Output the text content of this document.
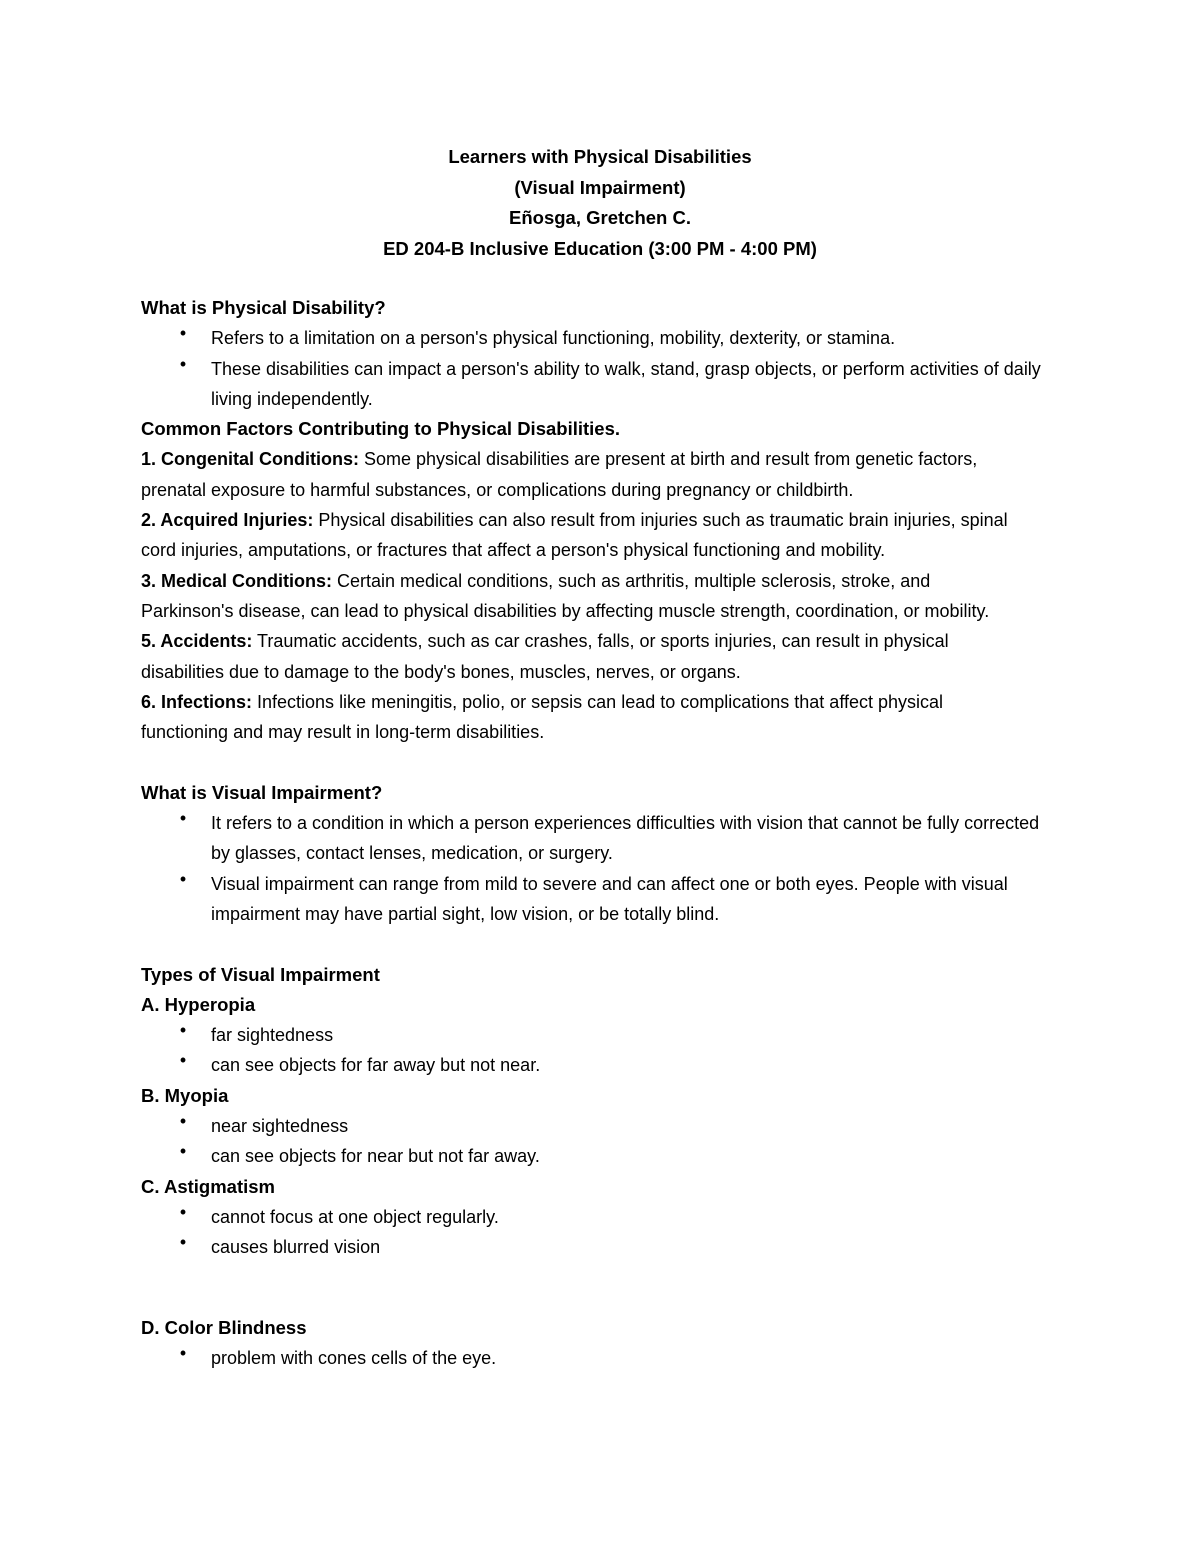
Learners with Physical Disabilities
(Visual Impairment)
Eñosga, Gretchen C.
ED 204-B Inclusive Education (3:00 PM - 4:00 PM)
What is Physical Disability?
• Refers to a limitation on a person's physical functioning, mobility, dexterity, or stamina.
• These disabilities can impact a person's ability to walk, stand, grasp objects, or perform activities of daily living independently.
Common Factors Contributing to Physical Disabilities.
1. Congenital Conditions: Some physical disabilities are present at birth and result from genetic factors, prenatal exposure to harmful substances, or complications during pregnancy or childbirth.
2. Acquired Injuries: Physical disabilities can also result from injuries such as traumatic brain injuries, spinal cord injuries, amputations, or fractures that affect a person's physical functioning and mobility.
3. Medical Conditions: Certain medical conditions, such as arthritis, multiple sclerosis, stroke, and Parkinson's disease, can lead to physical disabilities by affecting muscle strength, coordination, or mobility.
5. Accidents: Traumatic accidents, such as car crashes, falls, or sports injuries, can result in physical disabilities due to damage to the body's bones, muscles, nerves, or organs.
6. Infections: Infections like meningitis, polio, or sepsis can lead to complications that affect physical functioning and may result in long-term disabilities.
What is Visual Impairment?
• It refers to a condition in which a person experiences difficulties with vision that cannot be fully corrected by glasses, contact lenses, medication, or surgery.
• Visual impairment can range from mild to severe and can affect one or both eyes. People with visual impairment may have partial sight, low vision, or be totally blind.
Types of Visual Impairment
A. Hyperopia
• far sightedness
• can see objects for far away but not near.
B. Myopia
• near sightedness
• can see objects for near but not far away.
C. Astigmatism
• cannot focus at one object regularly.
• causes blurred vision
D. Color Blindness
• problem with cones cells of the eye.
